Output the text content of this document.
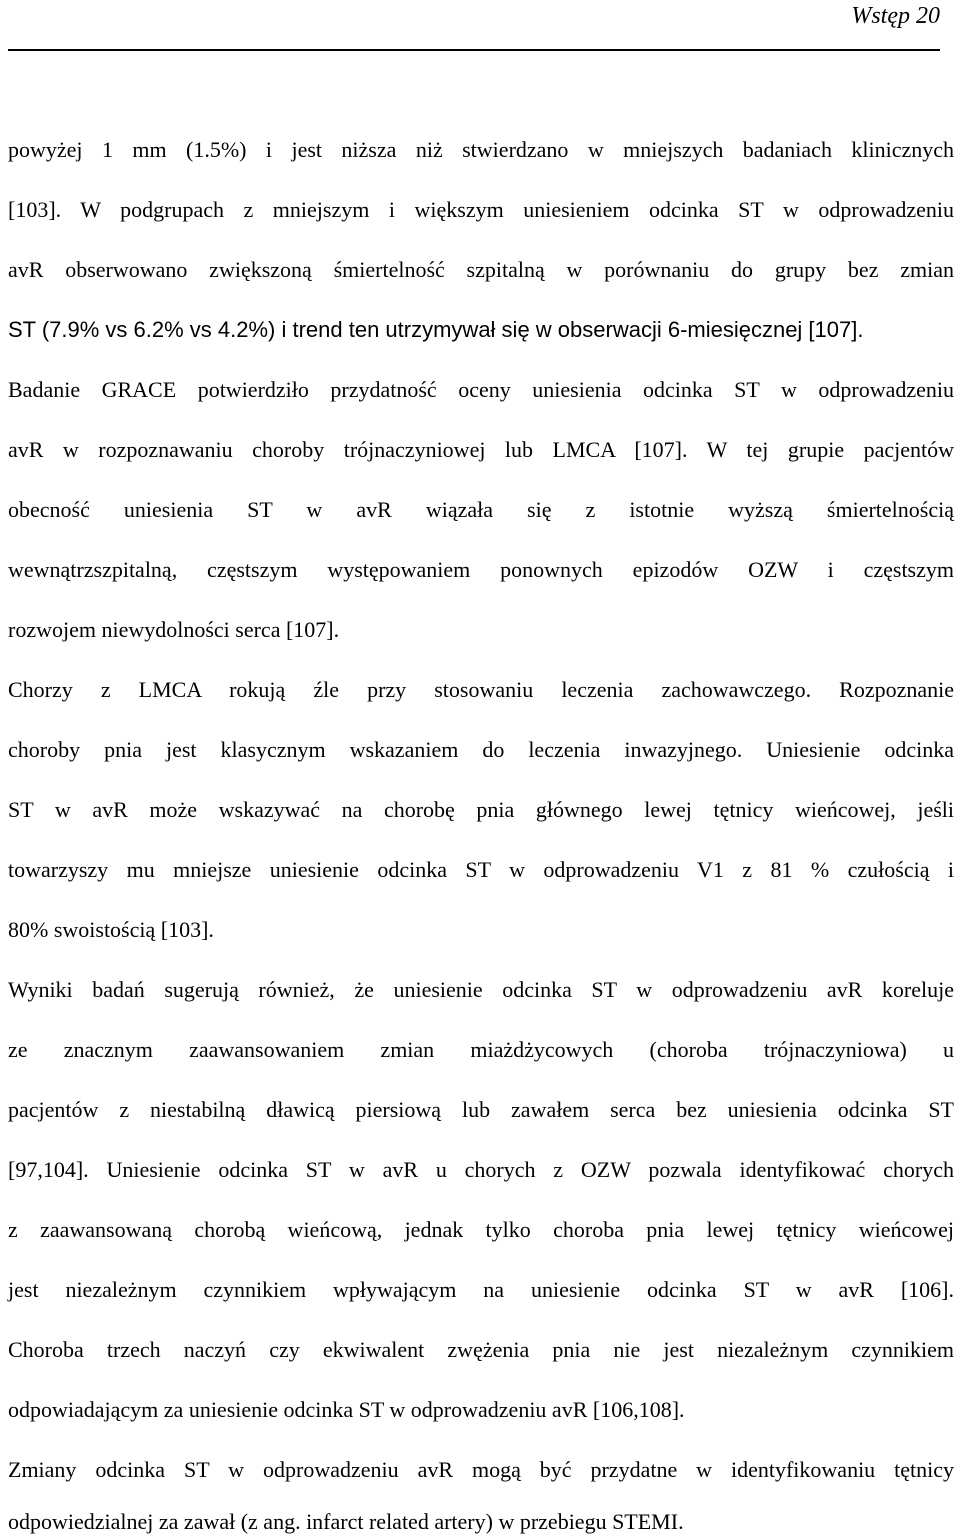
Wstęp 20
powyżej 1 mm (1.5%) i jest niższa niż stwierdzano w mniejszych badaniach klinicznych
[103]. W podgrupach z mniejszym i większym uniesieniem odcinka ST w odprowadzeniu
avR obserwowano zwiększoną śmiertelność szpitalną w porównaniu do grupy bez zmian
ST (7.9% vs 6.2% vs 4.2%) i trend ten utrzymywał się w obserwacji 6-miesięcznej [107].
Badanie GRACE potwierdziło przydatność oceny uniesienia odcinka ST w odprowadzeniu
avR w rozpoznawaniu choroby trójnaczyniowej lub LMCA [107]. W tej grupie pacjentów
obecność uniesienia ST w avR wiązała się z istotnie wyższą śmiertelnością
wewnątrzszpitalną, częstszym występowaniem ponownych epizodów OZW i częstszym
rozwojem niewydolności serca [107].
Chorzy z LMCA rokują źle przy stosowaniu leczenia zachowawczego. Rozpoznanie
choroby pnia jest klasycznym wskazaniem do leczenia inwazyjnego. Uniesienie odcinka
ST w avR może wskazywać na chorobę pnia głównego lewej tętnicy wieńcowej, jeśli
towarzyszy mu mniejsze uniesienie odcinka ST w odprowadzeniu V1 z 81 % czułością i
80% swoistością [103].
Wyniki badań sugerują również, że uniesienie odcinka ST w odprowadzeniu avR koreluje
ze znacznym zaawansowaniem zmian miażdżycowych (choroba trójnaczyniowa) u
pacjentów z niestabilną dławicą piersiową lub zawałem serca bez uniesienia odcinka ST
[97,104]. Uniesienie odcinka ST w avR u chorych z OZW pozwala identyfikować chorych
z zaawansowaną chorobą wieńcową, jednak tylko choroba pnia lewej tętnicy wieńcowej
jest niezależnym czynnikiem wpływającym na uniesienie odcinka ST w avR [106].
Choroba trzech naczyń czy ekwiwalent zwężenia pnia nie jest niezależnym czynnikiem
odpowiadającym za uniesienie odcinka ST w odprowadzeniu avR [106,108].
Zmiany odcinka ST w odprowadzeniu avR mogą być przydatne w identyfikowaniu tętnicy
odpowiedzialnej za zawał (z ang. infarct related artery) w przebiegu STEMI.
